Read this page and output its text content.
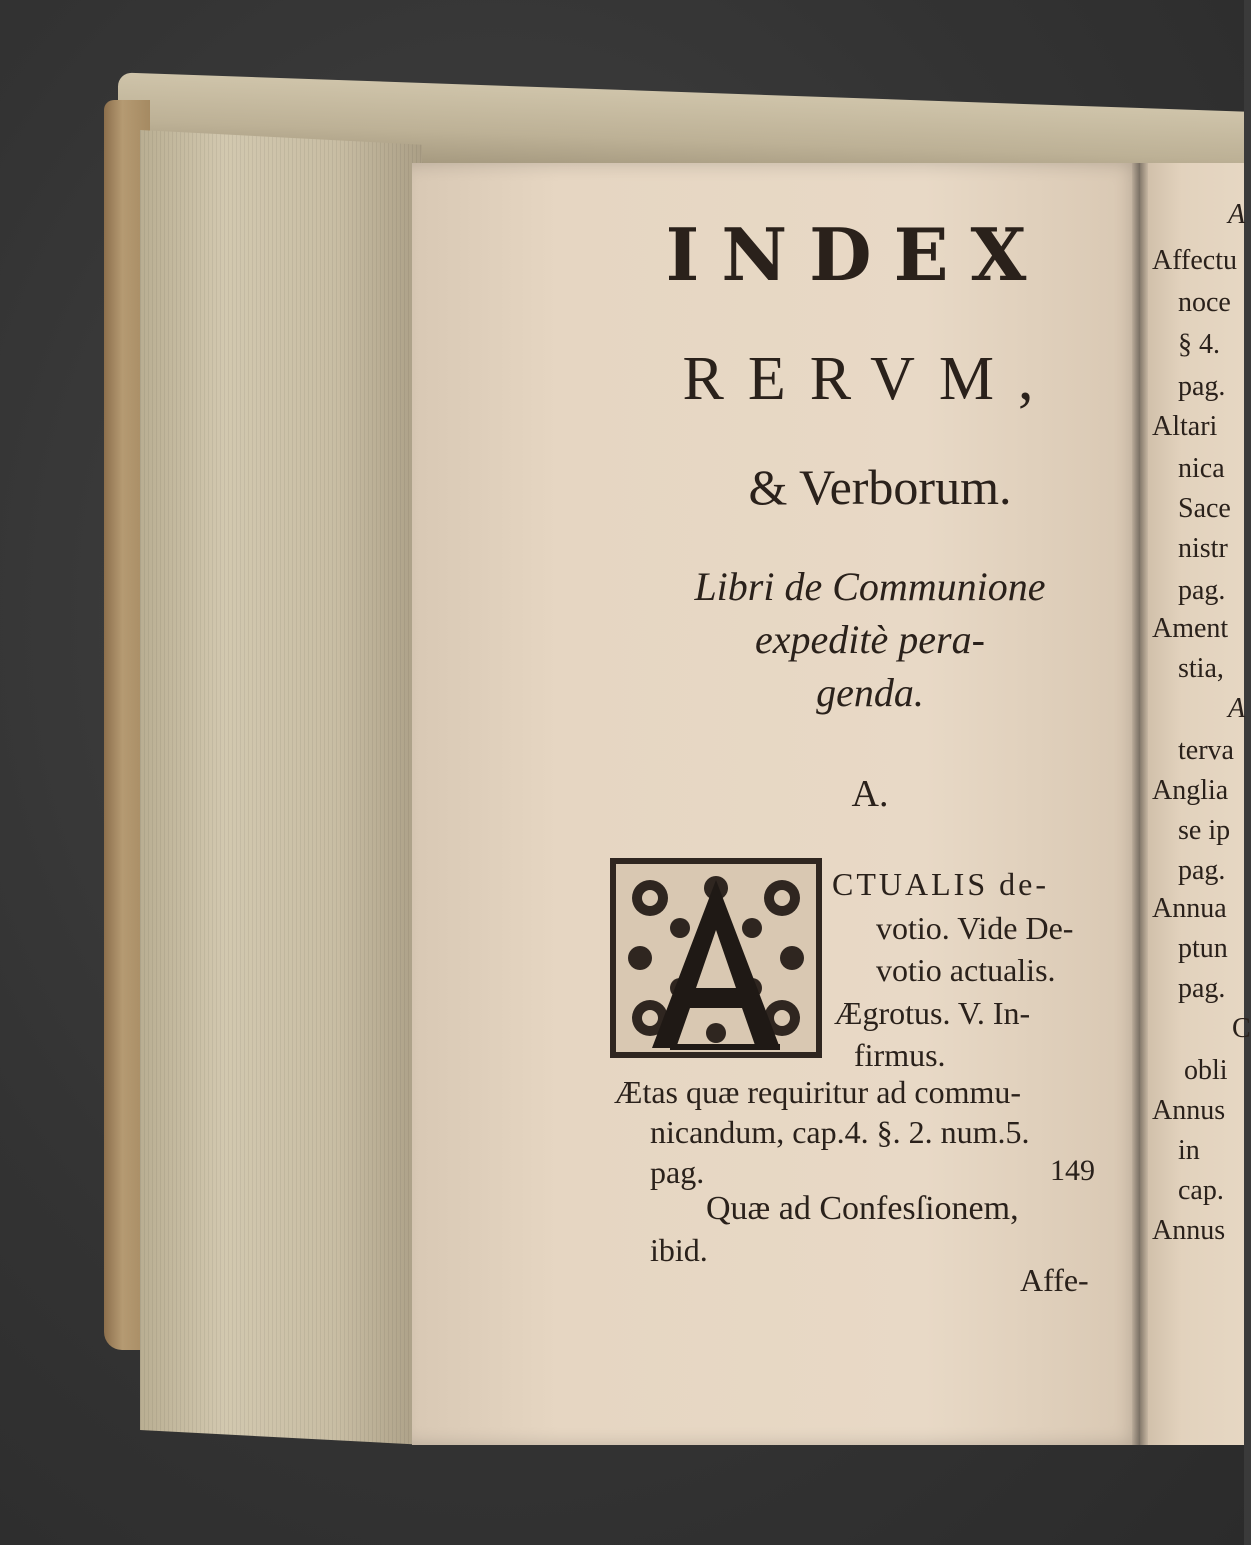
INDEX
RERVM,
& Verborum.
Libri de Communione
expeditè pera-
genda.
A.
CTUALIS de-
votio. Vide De-
votio actualis.
Ægrotus. V. In-
firmus.
Ætas quæ requiritur ad commu-
nicandum, cap.4. §. 2. num.5.
pag.	149
Quæ ad Confesſionem,
ibid.
Affe-
A
Affectu
noce
§ 4.
pag.
Altari
nica
Sace
nistr
pag.
Ament
stia,
A
terva
Anglia
se ip
pag.
Annua
ptun
pag.
C
obli
Annus
in
cap.
Annus
